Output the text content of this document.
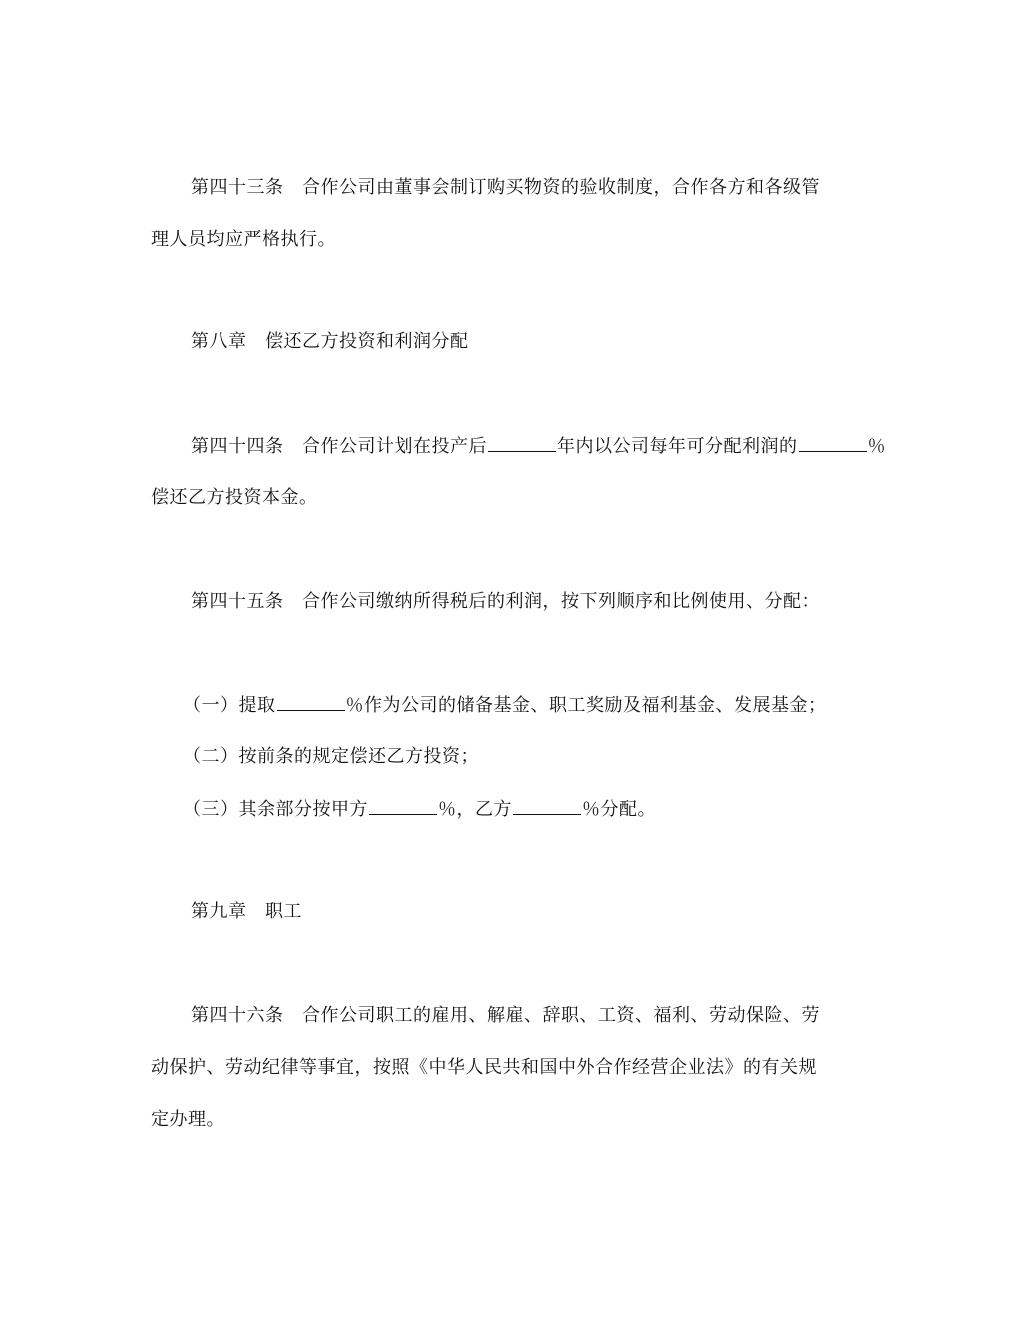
第四十三条　合作公司由董事会制订购买物资的验收制度，合作各方和各级管
理人员均应严格执行。
第八章　偿还乙方投资和利润分配
第四十四条　合作公司计划在投产后	年内以公司每年可分配利润的	％
偿还乙方投资本金。
第四十五条　合作公司缴纳所得税后的利润，按下列顺序和比例使用、分配：
（一）提取	％作为公司的储备基金、职工奖励及福利基金、发展基金；
（二）按前条的规定偿还乙方投资；
（三）其余部分按甲方	％，乙方	％分配。
第九章　职工
第四十六条　合作公司职工的雇用、解雇、辞职、工资、福利、劳动保险、劳
动保护、劳动纪律等事宜，按照《中华人民共和国中外合作经营企业法》的有关规
定办理。
